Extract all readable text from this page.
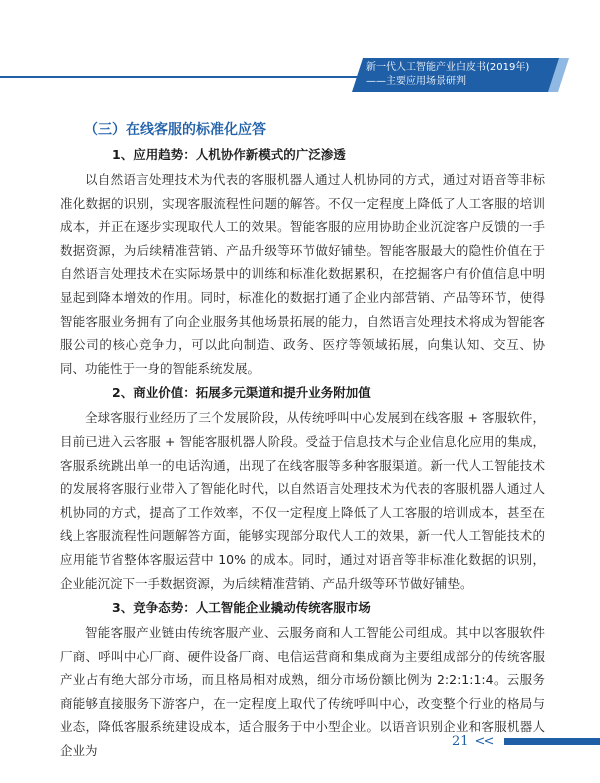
新一代人工智能产业白皮书(2019年)
——主要应用场景研判
（三）在线客服的标准化应答
1、应用趋势：人机协作新模式的广泛渗透

以自然语言处理技术为代表的客服机器人通过人机协同的方式，通过对语音等非标准化数据的识别，实现客服流程性问题的解答。不仅一定程度上降低了人工客服的培训成本，并正在逐步实现取代人工的效果。智能客服的应用协助企业沉淀客户反馈的一手数据资源，为后续精准营销、产品升级等环节做好铺垫。智能客服最大的隐性价值在于自然语言处理技术在实际场景中的训练和标准化数据累积，在挖掘客户有价值信息中明显起到降本增效的作用。同时，标准化的数据打通了企业内部营销、产品等环节，使得智能客服业务拥有了向企业服务其他场景拓展的能力，自然语言处理技术将成为智能客服公司的核心竞争力，可以此向制造、政务、医疗等领域拓展，向集认知、交互、协同、功能性于一身的智能系统发展。

2、商业价值：拓展多元渠道和提升业务附加值

全球客服行业经历了三个发展阶段，从传统呼叫中心发展到在线客服 + 客服软件，目前已进入云客服 + 智能客服机器人阶段。受益于信息技术与企业信息化应用的集成，客服系统跳出单一的电话沟通，出现了在线客服等多种客服渠道。新一代人工智能技术的发展将客服行业带入了智能化时代，以自然语言处理技术为代表的客服机器人通过人机协同的方式，提高了工作效率，不仅一定程度上降低了人工客服的培训成本，甚至在线上客服流程性问题解答方面，能够实现部分取代人工的效果，新一代人工智能技术的应用能节省整体客服运营中 10% 的成本。同时，通过对语音等非标准化数据的识别，企业能沉淀下一手数据资源，为后续精准营销、产品升级等环节做好铺垫。

3、竞争态势：人工智能企业撬动传统客服市场

智能客服产业链由传统客服产业、云服务商和人工智能公司组成。其中以客服软件厂商、呼叫中心厂商、硬件设备厂商、电信运营商和集成商为主要组成部分的传统客服产业占有绝大部分市场，而且格局相对成熟，细分市场份额比例为 2:2:1:1:4。云服务商能够直接服务下游客户，在一定程度上取代了传统呼叫中心，改变整个行业的格局与业态，降低客服系统建设成本，适合服务于中小型企业。以语音识别企业和客服机器人企业为

21 <<
